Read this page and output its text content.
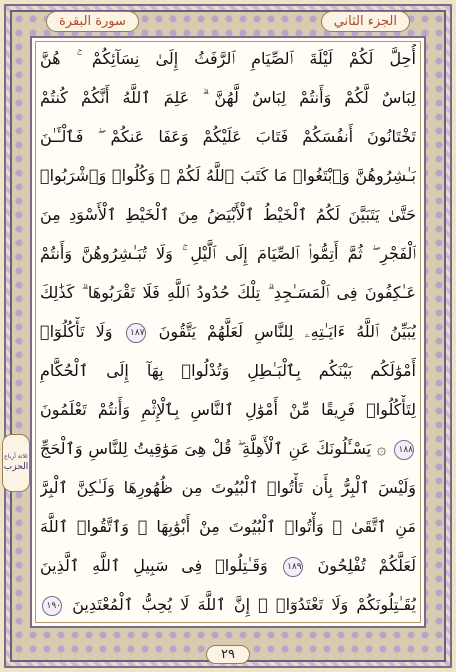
الجزء الثاني
سورة البقرة
ثلاثة أرباع
الحزب
أُحِلَّ لَكُمْ لَيْلَةَ ٱلصِّيَامِ ٱلرَّفَثُ إِلَىٰ نِسَآئِكُمْ ۚ هُنَّ
لِبَاسٌ لَّكُمْ وَأَنتُمْ لِبَاسٌ لَّهُنَّ ۗ عَلِمَ ٱللَّهُ أَنَّكُمْ كُنتُمْ
تَخْتَانُونَ أَنفُسَكُمْ فَتَابَ عَلَيْكُمْ وَعَفَا عَنكُمْ ۖ فَٱلْـَٔـٰنَ
بَـٰشِرُوهُنَّ وَٱبْتَغُوا۟ مَا كَتَبَ ٱللَّهُ لَكُمْ ۚ وَكُلُوا۟ وَٱشْرَبُوا۟
حَتَّىٰ يَتَبَيَّنَ لَكُمُ ٱلْخَيْطُ ٱلْأَبْيَضُ مِنَ ٱلْخَيْطِ ٱلْأَسْوَدِ مِنَ
ٱلْفَجْرِ ۖ ثُمَّ أَتِمُّوا۟ ٱلصِّيَامَ إِلَى ٱلَّيْلِ ۚ وَلَا تُبَـٰشِرُوهُنَّ وَأَنتُمْ
عَـٰكِفُونَ فِى ٱلْمَسَـٰجِدِ ۗ تِلْكَ حُدُودُ ٱللَّهِ فَلَا تَقْرَبُوهَا ۗ كَذَٰلِكَ
يُبَيِّنُ ٱللَّهُ ءَايَـٰتِهِۦ لِلنَّاسِ لَعَلَّهُمْ يَتَّقُونَ ١٨٧ وَلَا تَأْكُلُوٓا۟
أَمْوَٰلَكُم بَيْنَكُم بِٱلْبَـٰطِلِ وَتُدْلُوا۟ بِهَآ إِلَى ٱلْحُكَّامِ
لِتَأْكُلُوا۟ فَرِيقًا مِّنْ أَمْوَٰلِ ٱلنَّاسِ بِٱلْإِثْمِ وَأَنتُمْ تَعْلَمُونَ
١٨٨ ۞ يَسْـَٔلُونَكَ عَنِ ٱلْأَهِلَّةِ ۖ قُلْ هِىَ مَوَٰقِيتُ لِلنَّاسِ وَٱلْحَجِّ
وَلَيْسَ ٱلْبِرُّ بِأَن تَأْتُوا۟ ٱلْبُيُوتَ مِن ظُهُورِهَا وَلَـٰكِنَّ ٱلْبِرَّ
مَنِ ٱتَّقَىٰ ۗ وَأْتُوا۟ ٱلْبُيُوتَ مِنْ أَبْوَٰبِهَا ۚ وَٱتَّقُوا۟ ٱللَّهَ
لَعَلَّكُمْ تُفْلِحُونَ ١٨٩ وَقَـٰتِلُوا۟ فِى سَبِيلِ ٱللَّهِ ٱلَّذِينَ
يُقَـٰتِلُونَكُمْ وَلَا تَعْتَدُوٓا۟ ۚ إِنَّ ٱللَّهَ لَا يُحِبُّ ٱلْمُعْتَدِينَ ١٩٠
٢٩
